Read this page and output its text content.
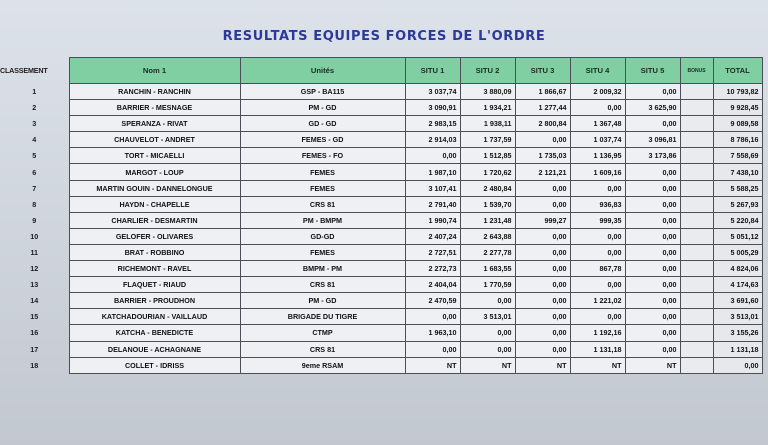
RESULTATS EQUIPES FORCES DE L'ORDRE
CLASSEMENT	Nom 1	Unités	SITU 1	SITU 2	SITU 3	SITU 4	SITU 5	BONUS	TOTAL
1	RANCHIN - RANCHIN	GSP - BA115	3 037,74	3 880,09	1 866,67	2 009,32	0,00		10 793,82
2	BARRIER - MESNAGE	PM - GD	3 090,91	1 934,21	1 277,44	0,00	3 625,90		9 928,45
3	SPERANZA - RIVAT	GD - GD	2 983,15	1 938,11	2 800,84	1 367,48	0,00		9 089,58
4	CHAUVELOT - ANDRET	FEMES - GD	2 914,03	1 737,59	0,00	1 037,74	3 096,81		8 786,16
5	TORT - MICAELLI	FEMES - FO	0,00	1 512,85	1 735,03	1 136,95	3 173,86		7 558,69
6	MARGOT - LOUP	FEMES	1 987,10	1 720,62	2 121,21	1 609,16	0,00		7 438,10
7	MARTIN GOUIN - DANNELONGUE	FEMES	3 107,41	2 480,84	0,00	0,00	0,00		5 588,25
8	HAYDN - CHAPELLE	CRS 81	2 791,40	1 539,70	0,00	936,83	0,00		5 267,93
9	CHARLIER - DESMARTIN	PM - BMPM	1 990,74	1 231,48	999,27	999,35	0,00		5 220,84
10	GELOFER - OLIVARES	GD-GD	2 407,24	2 643,88	0,00	0,00	0,00		5 051,12
11	BRAT - ROBBINO	FEMES	2 727,51	2 277,78	0,00	0,00	0,00		5 005,29
12	RICHEMONT - RAVEL	BMPM - PM	2 272,73	1 683,55	0,00	867,78	0,00		4 824,06
13	FLAQUET - RIAUD	CRS 81	2 404,04	1 770,59	0,00	0,00	0,00		4 174,63
14	BARRIER - PROUDHON	PM - GD	2 470,59	0,00	0,00	1 221,02	0,00		3 691,60
15	KATCHADOURIAN - VAILLAUD	BRIGADE DU TIGRE	0,00	3 513,01	0,00	0,00	0,00		3 513,01
16	KATCHA - BENEDICTE	CTMP	1 963,10	0,00	0,00	1 192,16	0,00		3 155,26
17	DELANOUE - ACHAGNANE	CRS 81	0,00	0,00	0,00	1 131,18	0,00		1 131,18
18	COLLET - IDRISS	9eme RSAM	NT	NT	NT	NT	NT		0,00
